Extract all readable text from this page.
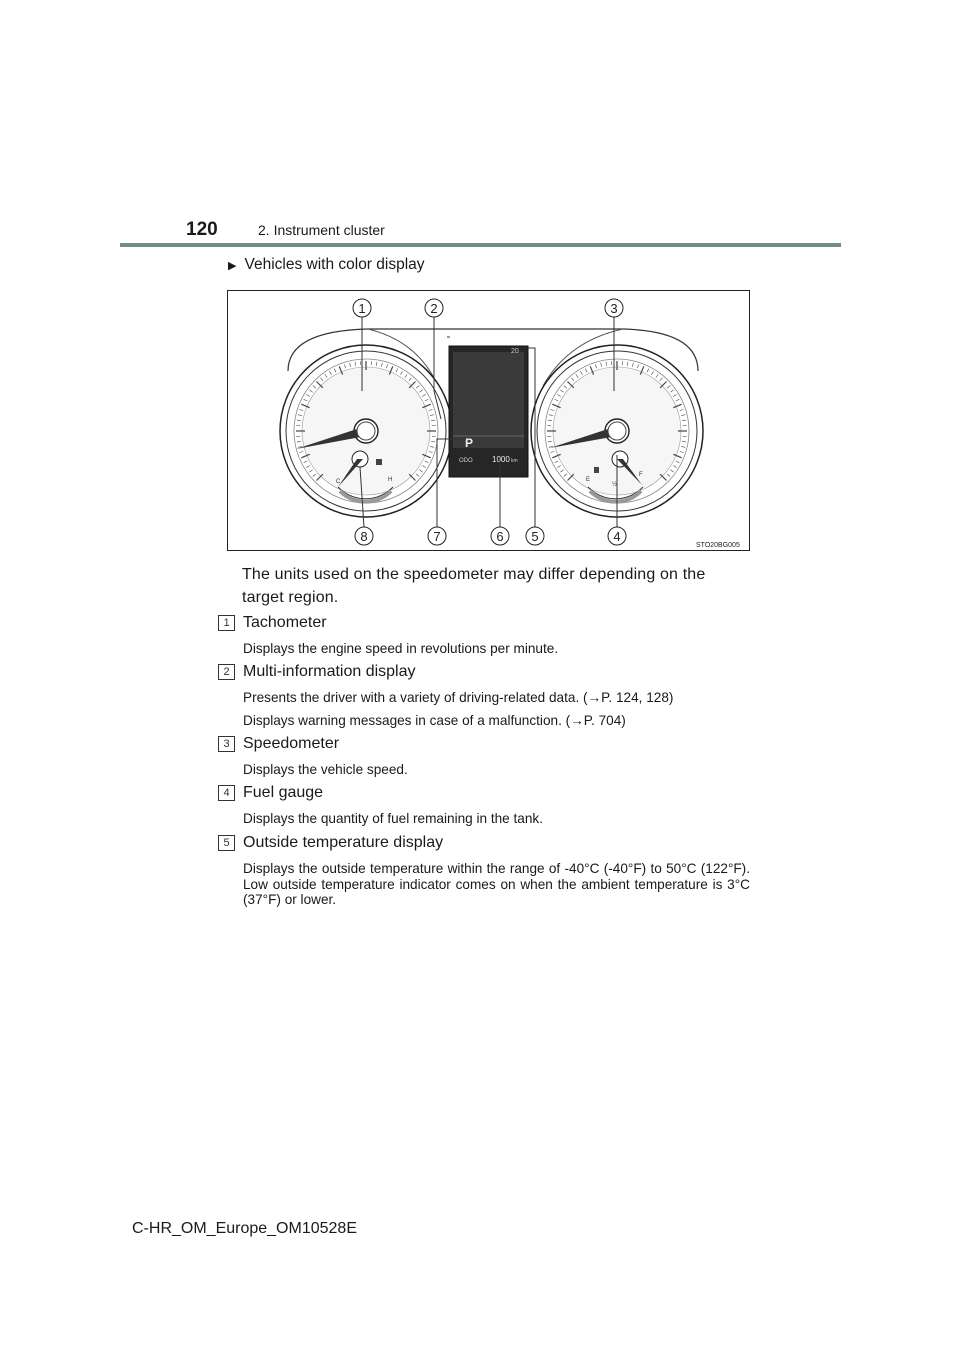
120	2. Instrument cluster
▶ Vehicles with color display
C	H
20
P
ODO 1000 km
E
½
F
1	2	3
4
5
6
7
8
STO20BG005
The units used on the speedometer may differ depending on the target region.
1 Tachometer
Displays the engine speed in revolutions per minute.
2 Multi-information display
Presents the driver with a variety of driving-related data. (→P. 124, 128)
Displays warning messages in case of a malfunction. (→P. 704)
3 Speedometer
Displays the vehicle speed.
4 Fuel gauge
Displays the quantity of fuel remaining in the tank.
5 Outside temperature display
Displays the outside temperature within the range of -40°C (-40°F) to 50°C (122°F). Low outside temperature indicator comes on when the ambient temperature is 3°C (37°F) or lower.
C-HR_OM_Europe_OM10528E
